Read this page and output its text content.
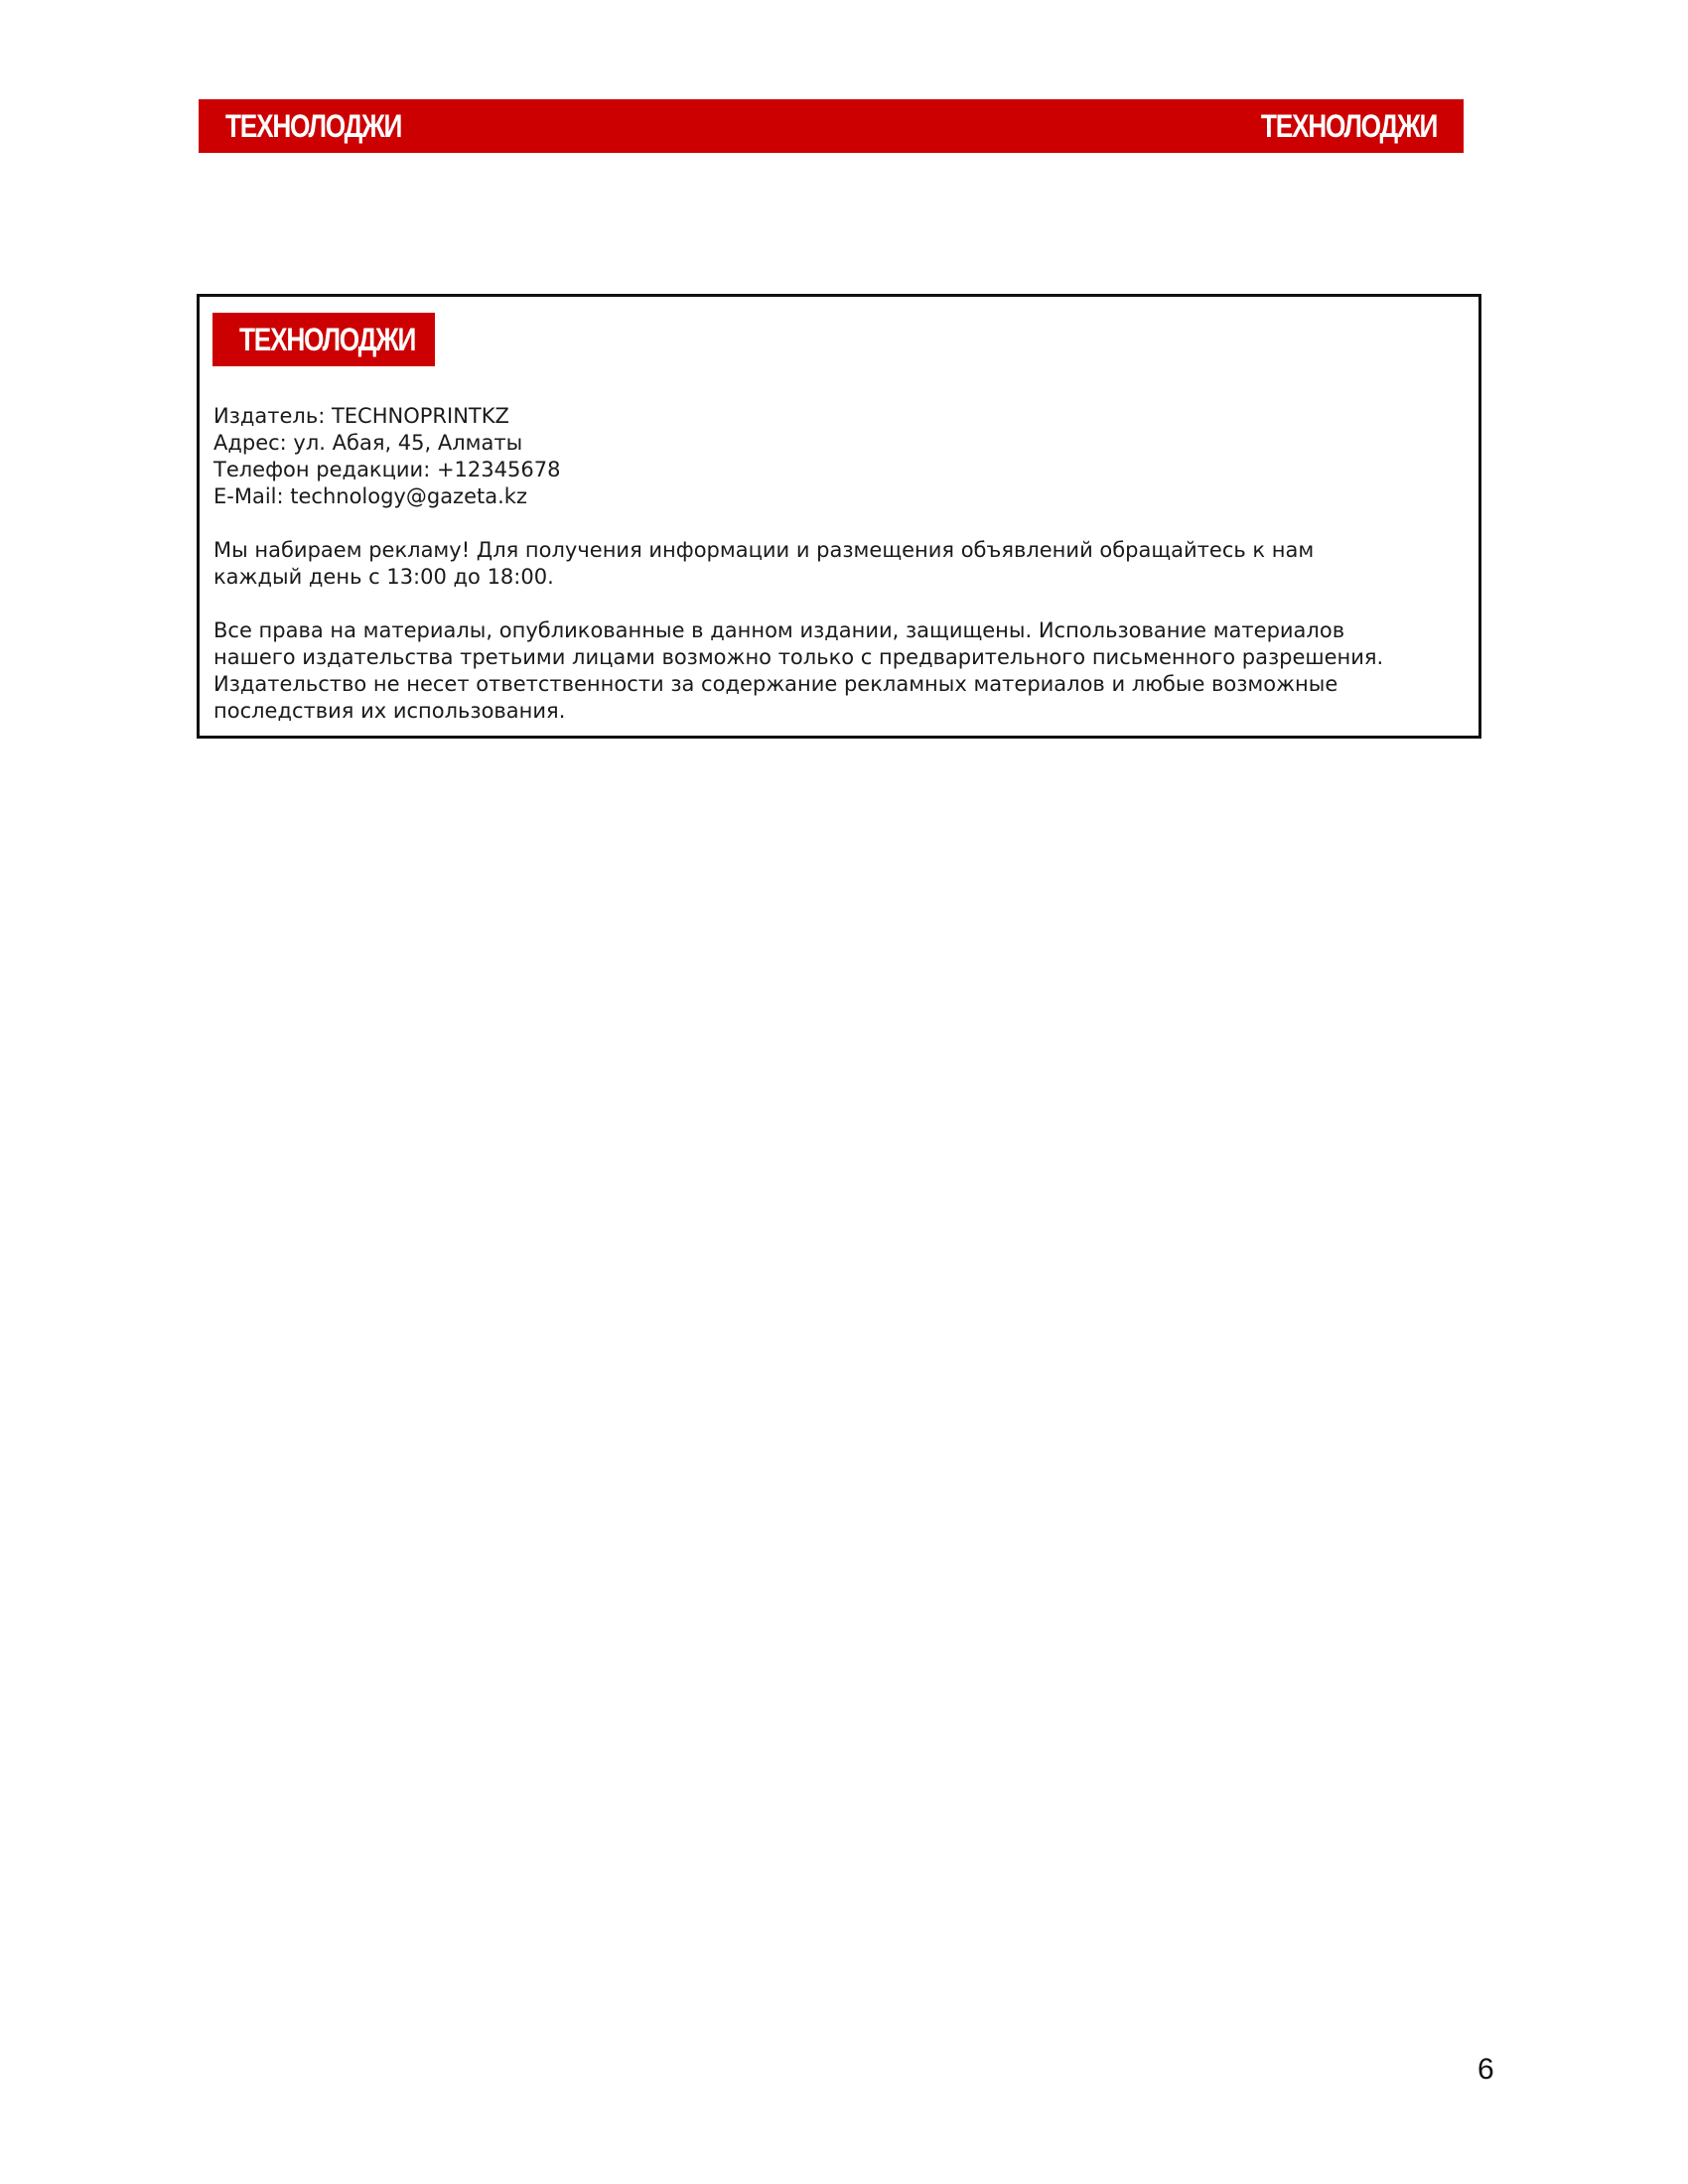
ТЕХНОЛОДЖИ	ТЕХНОЛОДЖИ
ТЕХНОЛОДЖИ

Издатель: TECHNOPRINTKZ

Адрес: ул. Абая, 45, Алматы

Телефон редакции: +12345678

E-Mail: technology@gazeta.kz

Мы набираем рекламу! Для получения информации и размещения объявлений обращайтесь к нам

каждый день с 13:00 до 18:00.

Все права на материалы, опубликованные в данном издании, защищены. Использование материалов

нашего издательства третьими лицами возможно только с предварительного письменного разрешения.

Издательство не несет ответственности за содержание рекламных материалов и любые возможные

последствия их использования.

6
